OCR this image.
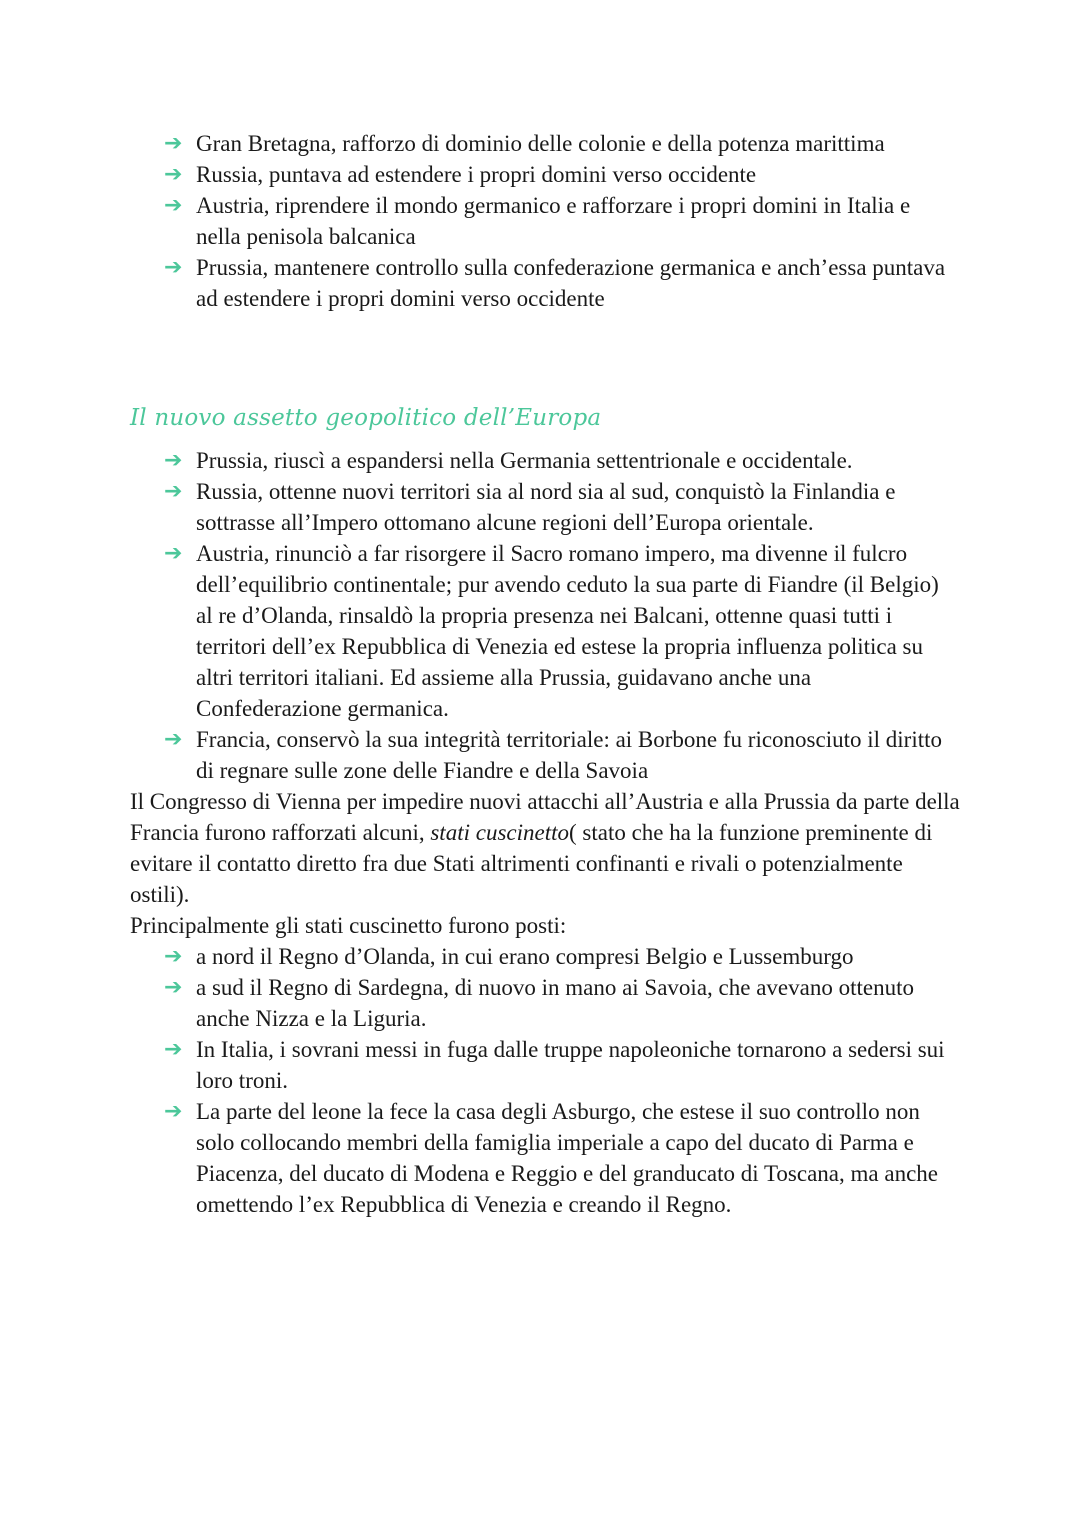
➔ Gran Bretagna, rafforzo di dominio delle colonie e della potenza marittima
➔ Russia, puntava ad estendere i propri domini verso occidente
➔ Austria, riprendere il mondo germanico e rafforzare i propri domini in Italia e nella penisola balcanica
➔ Prussia, mantenere controllo sulla confederazione germanica e anch’essa puntava ad estendere i propri domini verso occidente
Il nuovo assetto geopolitico dell’Europa
➔ Prussia, riuscì a espandersi nella Germania settentrionale e occidentale.
➔ Russia, ottenne nuovi territori sia al nord sia al sud, conquistò la Finlandia e sottrasse all’Impero ottomano alcune regioni dell’Europa orientale.
➔ Austria, rinunciò a far risorgere il Sacro romano impero, ma divenne il fulcro dell’equilibrio continentale; pur avendo ceduto la sua parte di Fiandre (il Belgio) al re d’Olanda, rinsaldò la propria presenza nei Balcani, ottenne quasi tutti i territori dell’ex Repubblica di Venezia ed estese la propria influenza politica su altri territori italiani. Ed assieme alla Prussia, guidavano anche una Confederazione germanica.
➔ Francia, conservò la sua integrità territoriale: ai Borbone fu riconosciuto il diritto di regnare sulle zone delle Fiandre e della Savoia

Il Congresso di Vienna per impedire nuovi attacchi all’Austria e alla Prussia da parte della Francia furono rafforzati alcuni, stati cuscinetto( stato che ha la funzione preminente di evitare il contatto diretto fra due Stati altrimenti confinanti e rivali o potenzialmente ostili).

Principalmente gli stati cuscinetto furono posti:

➔ a nord il Regno d’Olanda, in cui erano compresi Belgio e Lussemburgo
➔ a sud il Regno di Sardegna, di nuovo in mano ai Savoia, che avevano ottenuto anche Nizza e la Liguria.
➔ In Italia, i sovrani messi in fuga dalle truppe napoleoniche tornarono a sedersi sui loro troni.
➔ La parte del leone la fece la casa degli Asburgo, che estese il suo controllo non solo collocando membri della famiglia imperiale a capo del ducato di Parma e Piacenza, del ducato di Modena e Reggio e del granducato di Toscana, ma anche omettendo l’ex Repubblica di Venezia e creando il Regno.
